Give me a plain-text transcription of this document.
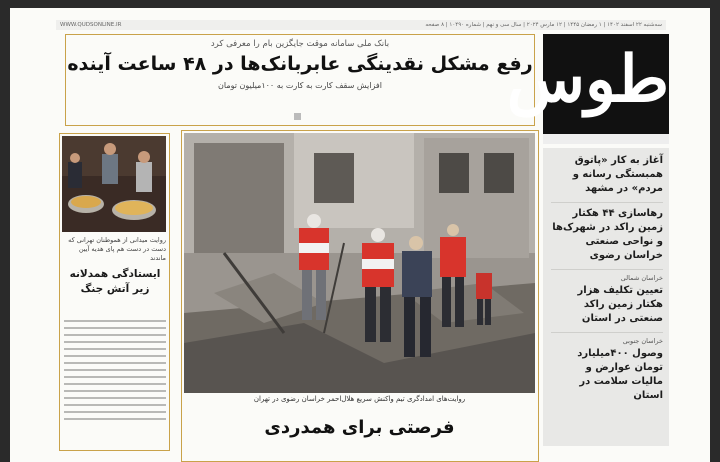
سه‌شنبه ۲۲ اسفند ۱۴۰۲ | ۱ رمضان ۱۴۴۵ | ۱۲ مارس ۲۰۲۴ | سال سی و نهم | شماره ۱۰۴۹۰ | ۸ صفحه
WWW.QUDSONLINE.IR
بانک ملی سامانه موقت جایگزین بام را معرفی کرد
رفع مشکل نقدینگی عابربانک‌ها در ۴۸ ساعت آینده
افزایش سقف کارت به کارت به ۱۰۰میلیون تومان	طوس
آغاز به کار «پاتوق همبستگی رسانه و مردم» در مشهد
رهاسازی ۴۴ هکتار زمین راکد در شهرک‌ها و نواحی صنعتی خراسان رضوی
خراسان شمالی
تعیین تکلیف هزار هکتار زمین راکد صنعتی در استان
خراسان جنوبی
وصول ۴۰۰میلیارد تومان عوارض و مالیات سلامت در استان
روایت‌های امدادگری تیم واکنش سریع هلال‌احمر خراسان رضوی در تهران
فرصتی برای همدردی
روایت میدانی از هموطنان تهرانی که دست در دست هم پای هدیه آیین ماندند
ایستادگی همدلانه زیر آتش جنگ
